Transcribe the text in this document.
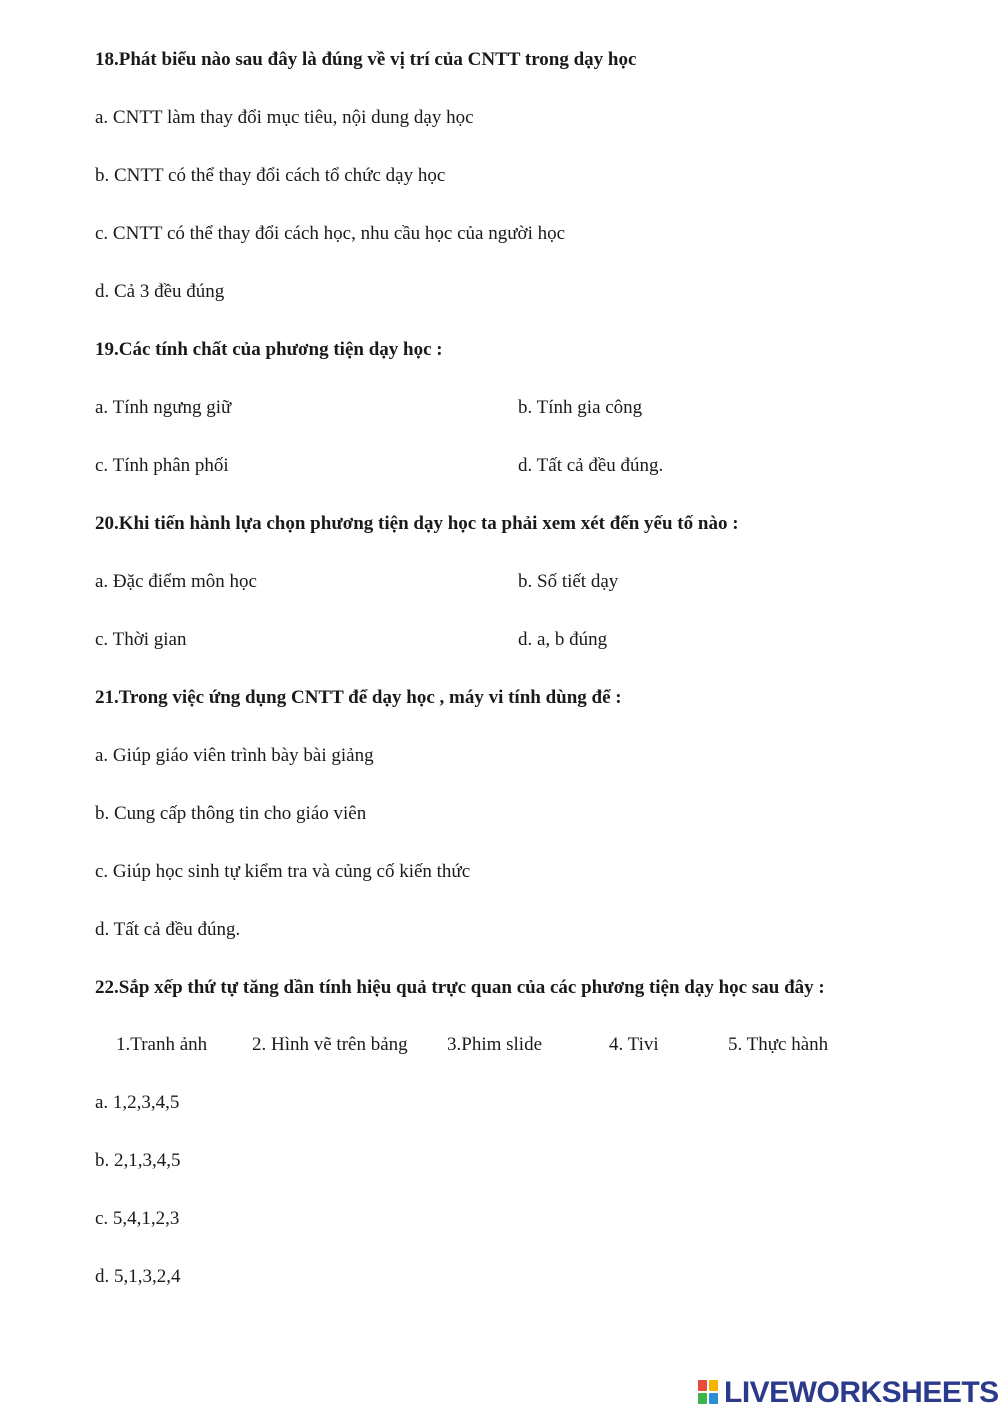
18.Phát biểu nào sau đây là đúng về vị trí của CNTT trong dạy học
a. CNTT làm thay đổi mục tiêu, nội dung dạy học
b. CNTT có thể thay đổi cách tổ chức dạy học
c. CNTT có thể thay đổi cách học, nhu cầu học của người học
d. Cả 3 đều đúng
19.Các tính chất của phương tiện dạy học :
a. Tính ngưng giữ	b. Tính gia công
c. Tính phân phối	d. Tất cả đều đúng.
20.Khi tiến hành lựa chọn phương tiện dạy học ta phải xem xét đến yếu tố nào :
a. Đặc điểm môn học	b. Số tiết dạy
c. Thời gian	d. a, b đúng
21.Trong việc ứng dụng CNTT để dạy học , máy vi tính dùng để :
a. Giúp giáo viên trình bày bài giảng
b. Cung cấp thông tin cho giáo viên
c. Giúp học sinh tự kiểm tra và củng cố kiến thức
d. Tất cả đều đúng.
22.Sắp xếp thứ tự tăng dần tính hiệu quả trực quan của các phương tiện dạy học sau đây :
1.Tranh ảnh 2. Hình vẽ trên bảng 3.Phim slide	4. Tivi	5. Thực hành
a. 1,2,3,4,5
b. 2,1,3,4,5
c. 5,4,1,2,3
d. 5,1,3,2,4
LIVEWORKSHEETS
